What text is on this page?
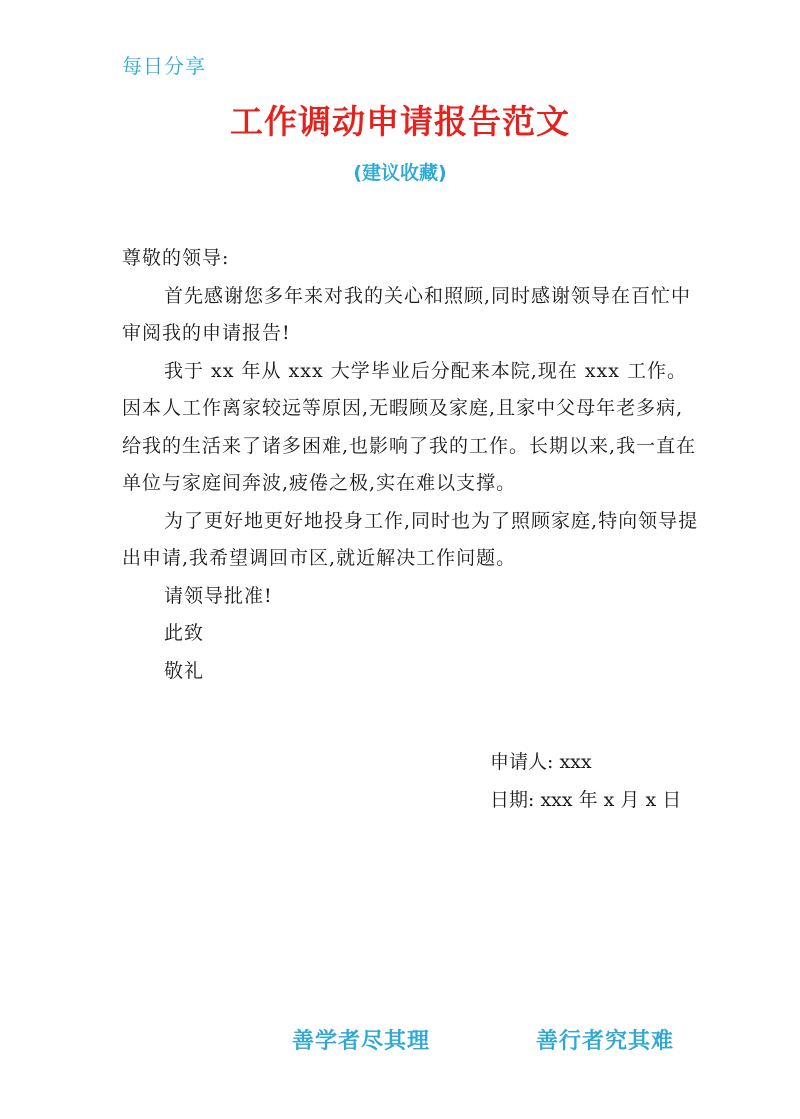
每日分享
工作调动申请报告范文
(建议收藏)

尊敬的领导:

首先感谢您多年来对我的关心和照顾,同时感谢领导在百忙中审阅我的申请报告!

我于 xx 年从 xxx 大学毕业后分配来本院,现在 xxx 工作。因本人工作离家较远等原因,无暇顾及家庭,且家中父母年老多病,给我的生活来了诸多困难,也影响了我的工作。长期以来,我一直在单位与家庭间奔波,疲倦之极,实在难以支撑。

为了更好地更好地投身工作,同时也为了照顾家庭,特向领导提出申请,我希望调回市区,就近解决工作问题。

请领导批准!

此致

敬礼

申请人: xxx
日期: xxx 年 x 月 x 日
善学者尽其理	善行者究其难
